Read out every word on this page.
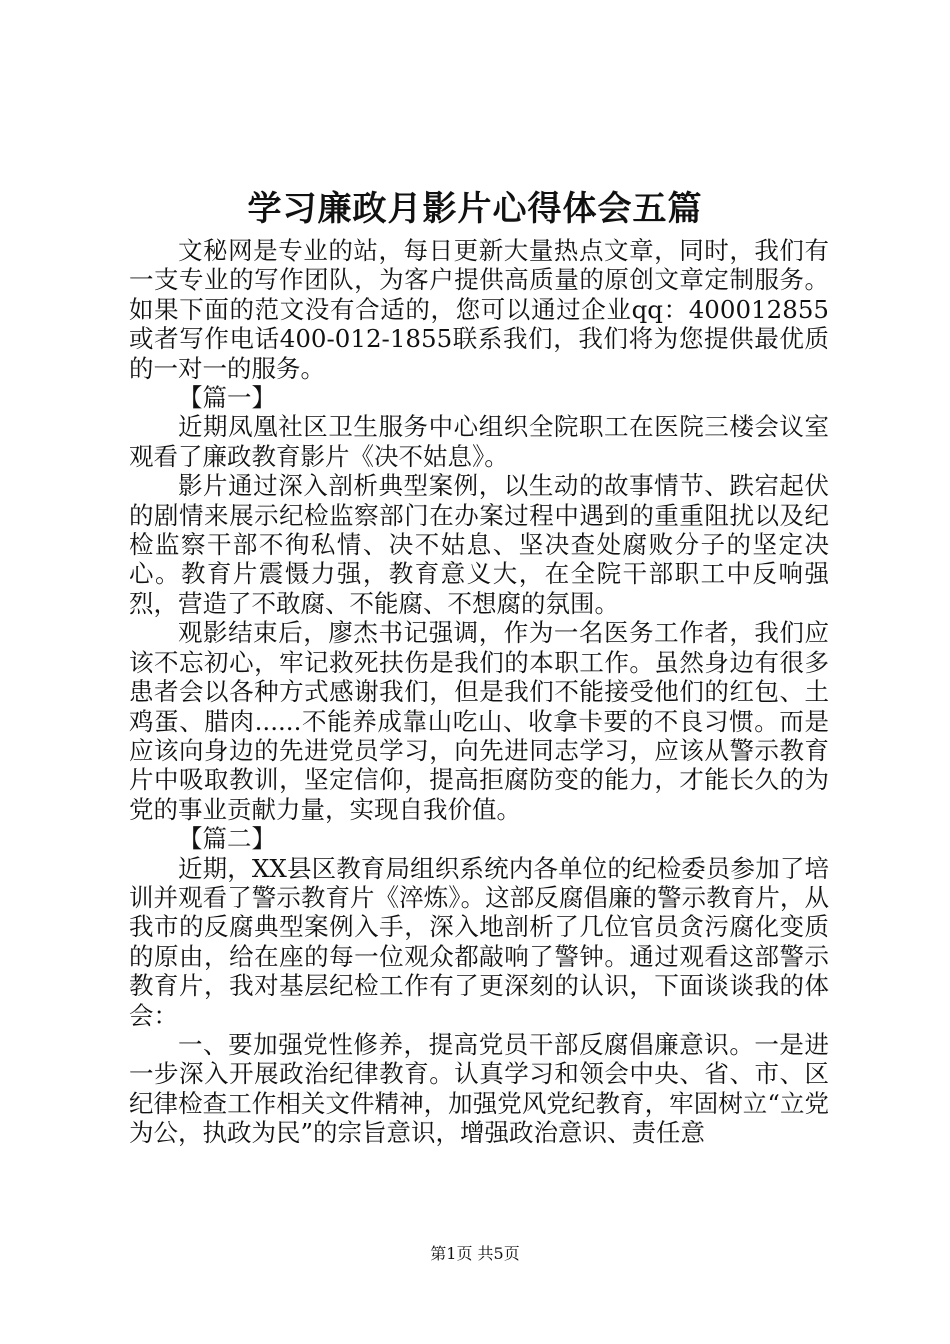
学习廉政月影片心得体会五篇

文秘网是专业的站，每日更新大量热点文章，同时，我们有一支专业的写作团队，为客户提供高质量的原创文章定制服务。如果下面的范文没有合适的，您可以通过企业qq：400012855或者写作电话400-012-1855联系我们，我们将为您提供最优质的一对一的服务。

【篇一】

近期凤凰社区卫生服务中心组织全院职工在医院三楼会议室观看了廉政教育影片《决不姑息》。

影片通过深入剖析典型案例，以生动的故事情节、跌宕起伏的剧情来展示纪检监察部门在办案过程中遇到的重重阻扰以及纪检监察干部不徇私情、决不姑息、坚决查处腐败分子的坚定决心。教育片震慑力强，教育意义大，在全院干部职工中反响强烈，营造了不敢腐、不能腐、不想腐的氛围。

观影结束后，廖杰书记强调，作为一名医务工作者，我们应该不忘初心，牢记救死扶伤是我们的本职工作。虽然身边有很多患者会以各种方式感谢我们，但是我们不能接受他们的红包、土鸡蛋、腊肉......不能养成靠山吃山、收拿卡要的不良习惯。而是应该向身边的先进党员学习，向先进同志学习，应该从警示教育片中吸取教训，坚定信仰，提高拒腐防变的能力，才能长久的为党的事业贡献力量，实现自我价值。

【篇二】

近期，XX县区教育局组织系统内各单位的纪检委员参加了培训并观看了警示教育片《淬炼》。这部反腐倡廉的警示教育片，从我市的反腐典型案例入手，深入地剖析了几位官员贪污腐化变质的原由，给在座的每一位观众都敲响了警钟。通过观看这部警示教育片，我对基层纪检工作有了更深刻的认识，下面谈谈我的体会：

一、要加强党性修养，提高党员干部反腐倡廉意识。一是进一步深入开展政治纪律教育。认真学习和领会中央、省、市、区纪律检查工作相关文件精神，加强党风党纪教育，牢固树立“立党为公，执政为民”的宗旨意识，增强政治意识、责任意

第1页 共5页
